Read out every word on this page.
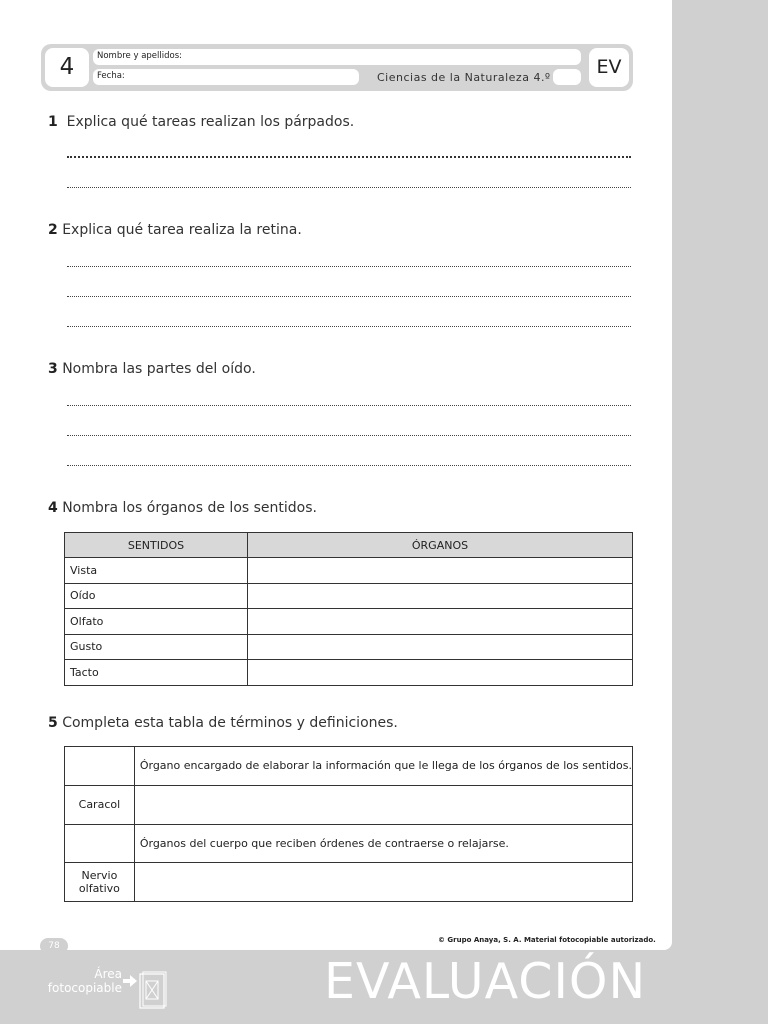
4	Nombre y apellidos:
Fecha:	Ciencias de la Naturaleza 4.º	EV
1 Explica qué tareas realizan los párpados.
2 Explica qué tarea realiza la retina.
3 Nombra las partes del oído.
4 Nombra los órganos de los sentidos.
SENTIDOS	ÓRGANOS
Vista	
Oído	
Olfato	
Gusto	
Tacto	
5 Completa esta tabla de términos y definiciones.
	Órgano encargado de elaborar la información que le llega de los órganos de los sentidos.
Caracol	
	Órganos del cuerpo que reciben órdenes de contraerse o relajarse.
Nervio olfativo	
© Grupo Anaya, S. A. Material fotocopiable autorizado.
78
Área
fotocopiable	EVALUACIÓN
